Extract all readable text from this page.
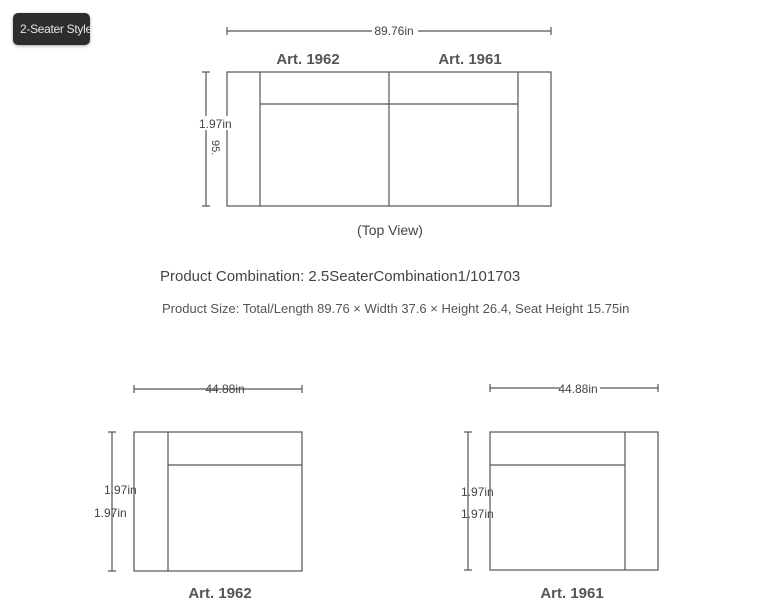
2-Seater Style	89.76in
1.97in
95.
Art. 1962	Art. 1961
(Top View)
44.88in
1.97in
1.97in
Art. 1962
44.88in
1.97in
1.97in
Art. 1961
Product Combination: 2.5SeaterCombination1/101703
Product Size: Total/Length 89.76 × Width 37.6 × Height 26.4, Seat Height 15.75in
